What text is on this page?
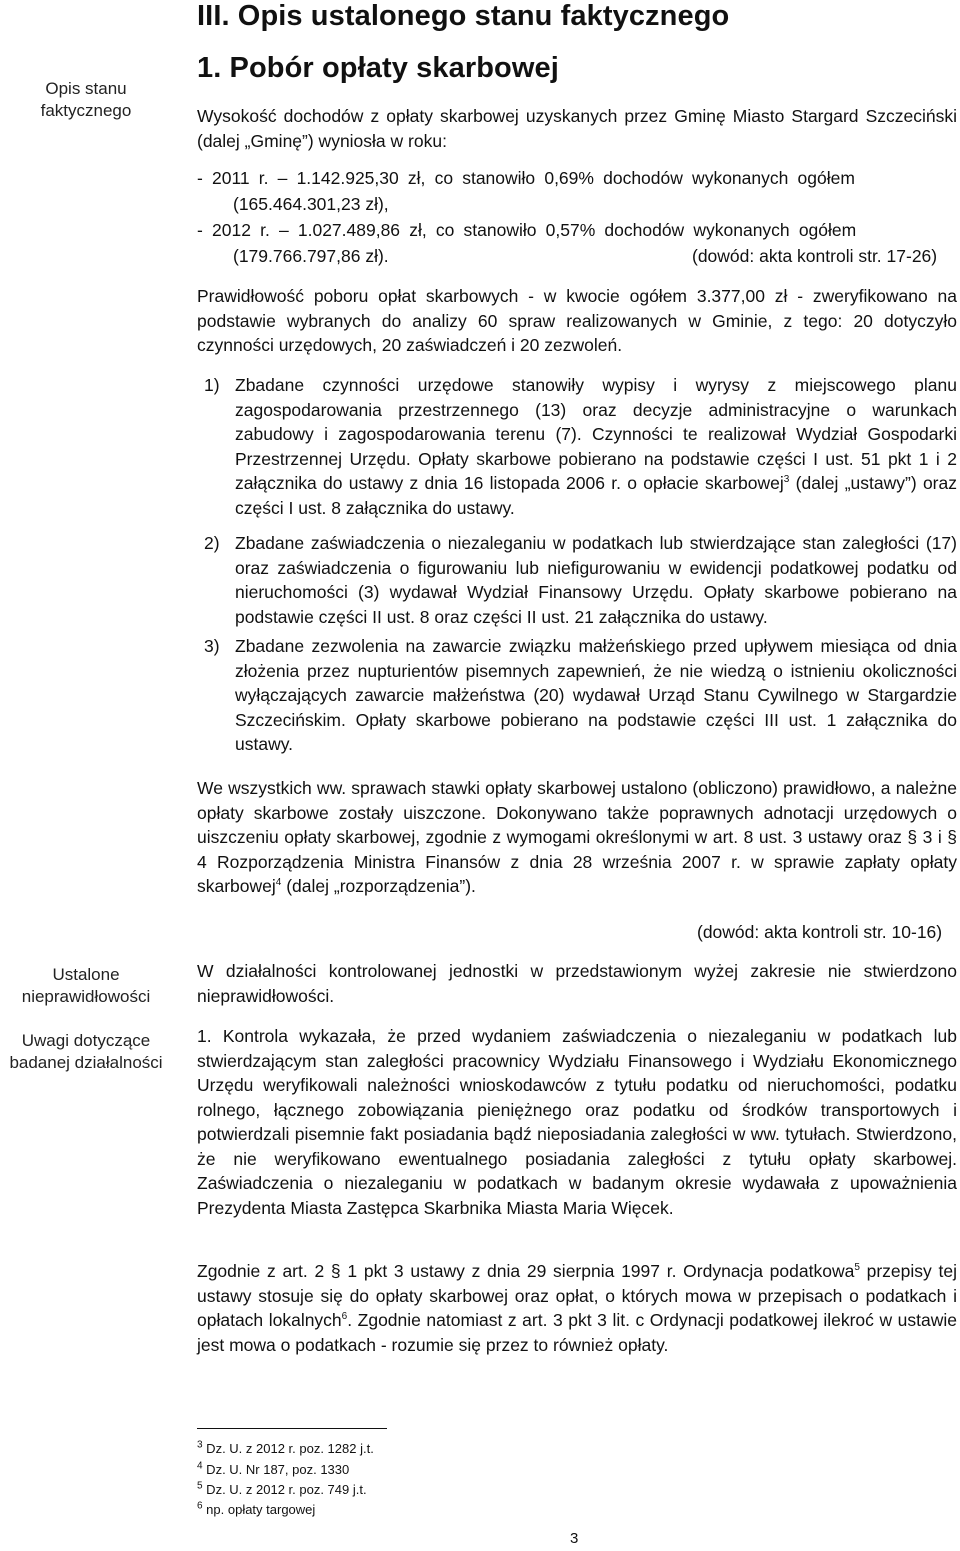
Opis stanu
faktycznego
Ustalone
nieprawidłowości
Uwagi dotyczące
badanej działalności
III. Opis ustalonego stanu faktycznego
1. Pobór opłaty skarbowej

Wysokość dochodów z opłaty skarbowej uzyskanych przez Gminę Miasto Stargard Szczeciński (dalej „Gminę”) wyniosła w roku:

- 2011 r. – 1.142.925,30 zł, co stanowiło 0,69% dochodów wykonanych ogółem
(165.464.301,23 zł),
- 2012 r. – 1.027.489,86 zł, co stanowiło 0,57% dochodów wykonanych ogółem
(179.766.797,86 zł).	(dowód: akta kontroli str. 17-26)

Prawidłowość poboru opłat skarbowych - w kwocie ogółem 3.377,00 zł - zweryfikowano na podstawie wybranych do analizy 60 spraw realizowanych w Gminie, z tego: 20 dotyczyło czynności urzędowych, 20 zaświadczeń i 20 zezwoleń.

1) Zbadane czynności urzędowe stanowiły wypisy i wyrysy z miejscowego planu zagospodarowania przestrzennego (13) oraz decyzje administracyjne o warunkach zabudowy i zagospodarowania terenu (7). Czynności te realizował Wydział Gospodarki Przestrzennej Urzędu. Opłaty skarbowe pobierano na podstawie części I ust. 51 pkt 1 i 2 załącznika do ustawy z dnia 16 listopada 2006 r. o opłacie skarbowej$^3$ (dalej „ustawy”) oraz części I ust. 8 załącznika do ustawy.

2) Zbadane zaświadczenia o niezaleganiu w podatkach lub stwierdzające stan zaległości (17) oraz zaświadczenia o figurowaniu lub niefigurowaniu w ewidencji podatkowej podatku od nieruchomości (3) wydawał Wydział Finansowy Urzędu. Opłaty skarbowe pobierano na podstawie części II ust. 8 oraz części II ust. 21 załącznika do ustawy.

3) Zbadane zezwolenia na zawarcie związku małżeńskiego przed upływem miesiąca od dnia złożenia przez nupturientów pisemnych zapewnień, że nie wiedzą o istnieniu okoliczności wyłączających zawarcie małżeństwa (20) wydawał Urząd Stanu Cywilnego w Stargardzie Szczecińskim. Opłaty skarbowe pobierano na podstawie części III ust. 1 załącznika do ustawy.

We wszystkich ww. sprawach stawki opłaty skarbowej ustalono (obliczono) prawidłowo, a należne opłaty skarbowe zostały uiszczone. Dokonywano także poprawnych adnotacji urzędowych o uiszczeniu opłaty skarbowej, zgodnie z wymogami określonymi w art. 8 ust. 3 ustawy oraz § 3 i § 4 Rozporządzenia Ministra Finansów z dnia 28 września 2007 r. w sprawie zapłaty opłaty skarbowej$^4$ (dalej „rozporządzenia”).

(dowód: akta kontroli str. 10-16)

W działalności kontrolowanej jednostki w przedstawionym wyżej zakresie nie stwierdzono nieprawidłowości.

1. Kontrola wykazała, że przed wydaniem zaświadczenia o niezaleganiu w podatkach lub stwierdzającym stan zaległości pracownicy Wydziału Finansowego i Wydziału Ekonomicznego Urzędu weryfikowali należności wnioskodawców z tytułu podatku od nieruchomości, podatku rolnego, łącznego zobowiązania pieniężnego oraz podatku od środków transportowych i potwierdzali pisemnie fakt posiadania bądź nieposiadania zaległości w ww. tytułach. Stwierdzono, że nie weryfikowano ewentualnego posiadania zaległości z tytułu opłaty skarbowej. Zaświadczenia o niezaleganiu w podatkach w badanym okresie wydawała z upoważnienia Prezydenta Miasta Zastępca Skarbnika Miasta Maria Więcek.

Zgodnie z art. 2 § 1 pkt 3 ustawy z dnia 29 sierpnia 1997 r. Ordynacja podatkowa$^5$ przepisy tej ustawy stosuje się do opłaty skarbowej oraz opłat, o których mowa w przepisach o podatkach i opłatach lokalnych$^6$. Zgodnie natomiast z art. 3 pkt 3 lit. c Ordynacji podatkowej ilekroć w ustawie jest mowa o podatkach - rozumie się przez to również opłaty.

$^3$ Dz. U. z 2012 r. poz. 1282 j.t.
$^4$ Dz. U. Nr 187, poz. 1330
$^5$ Dz. U. z 2012 r. poz. 749 j.t.
$^6$ np. opłaty targowej
3
